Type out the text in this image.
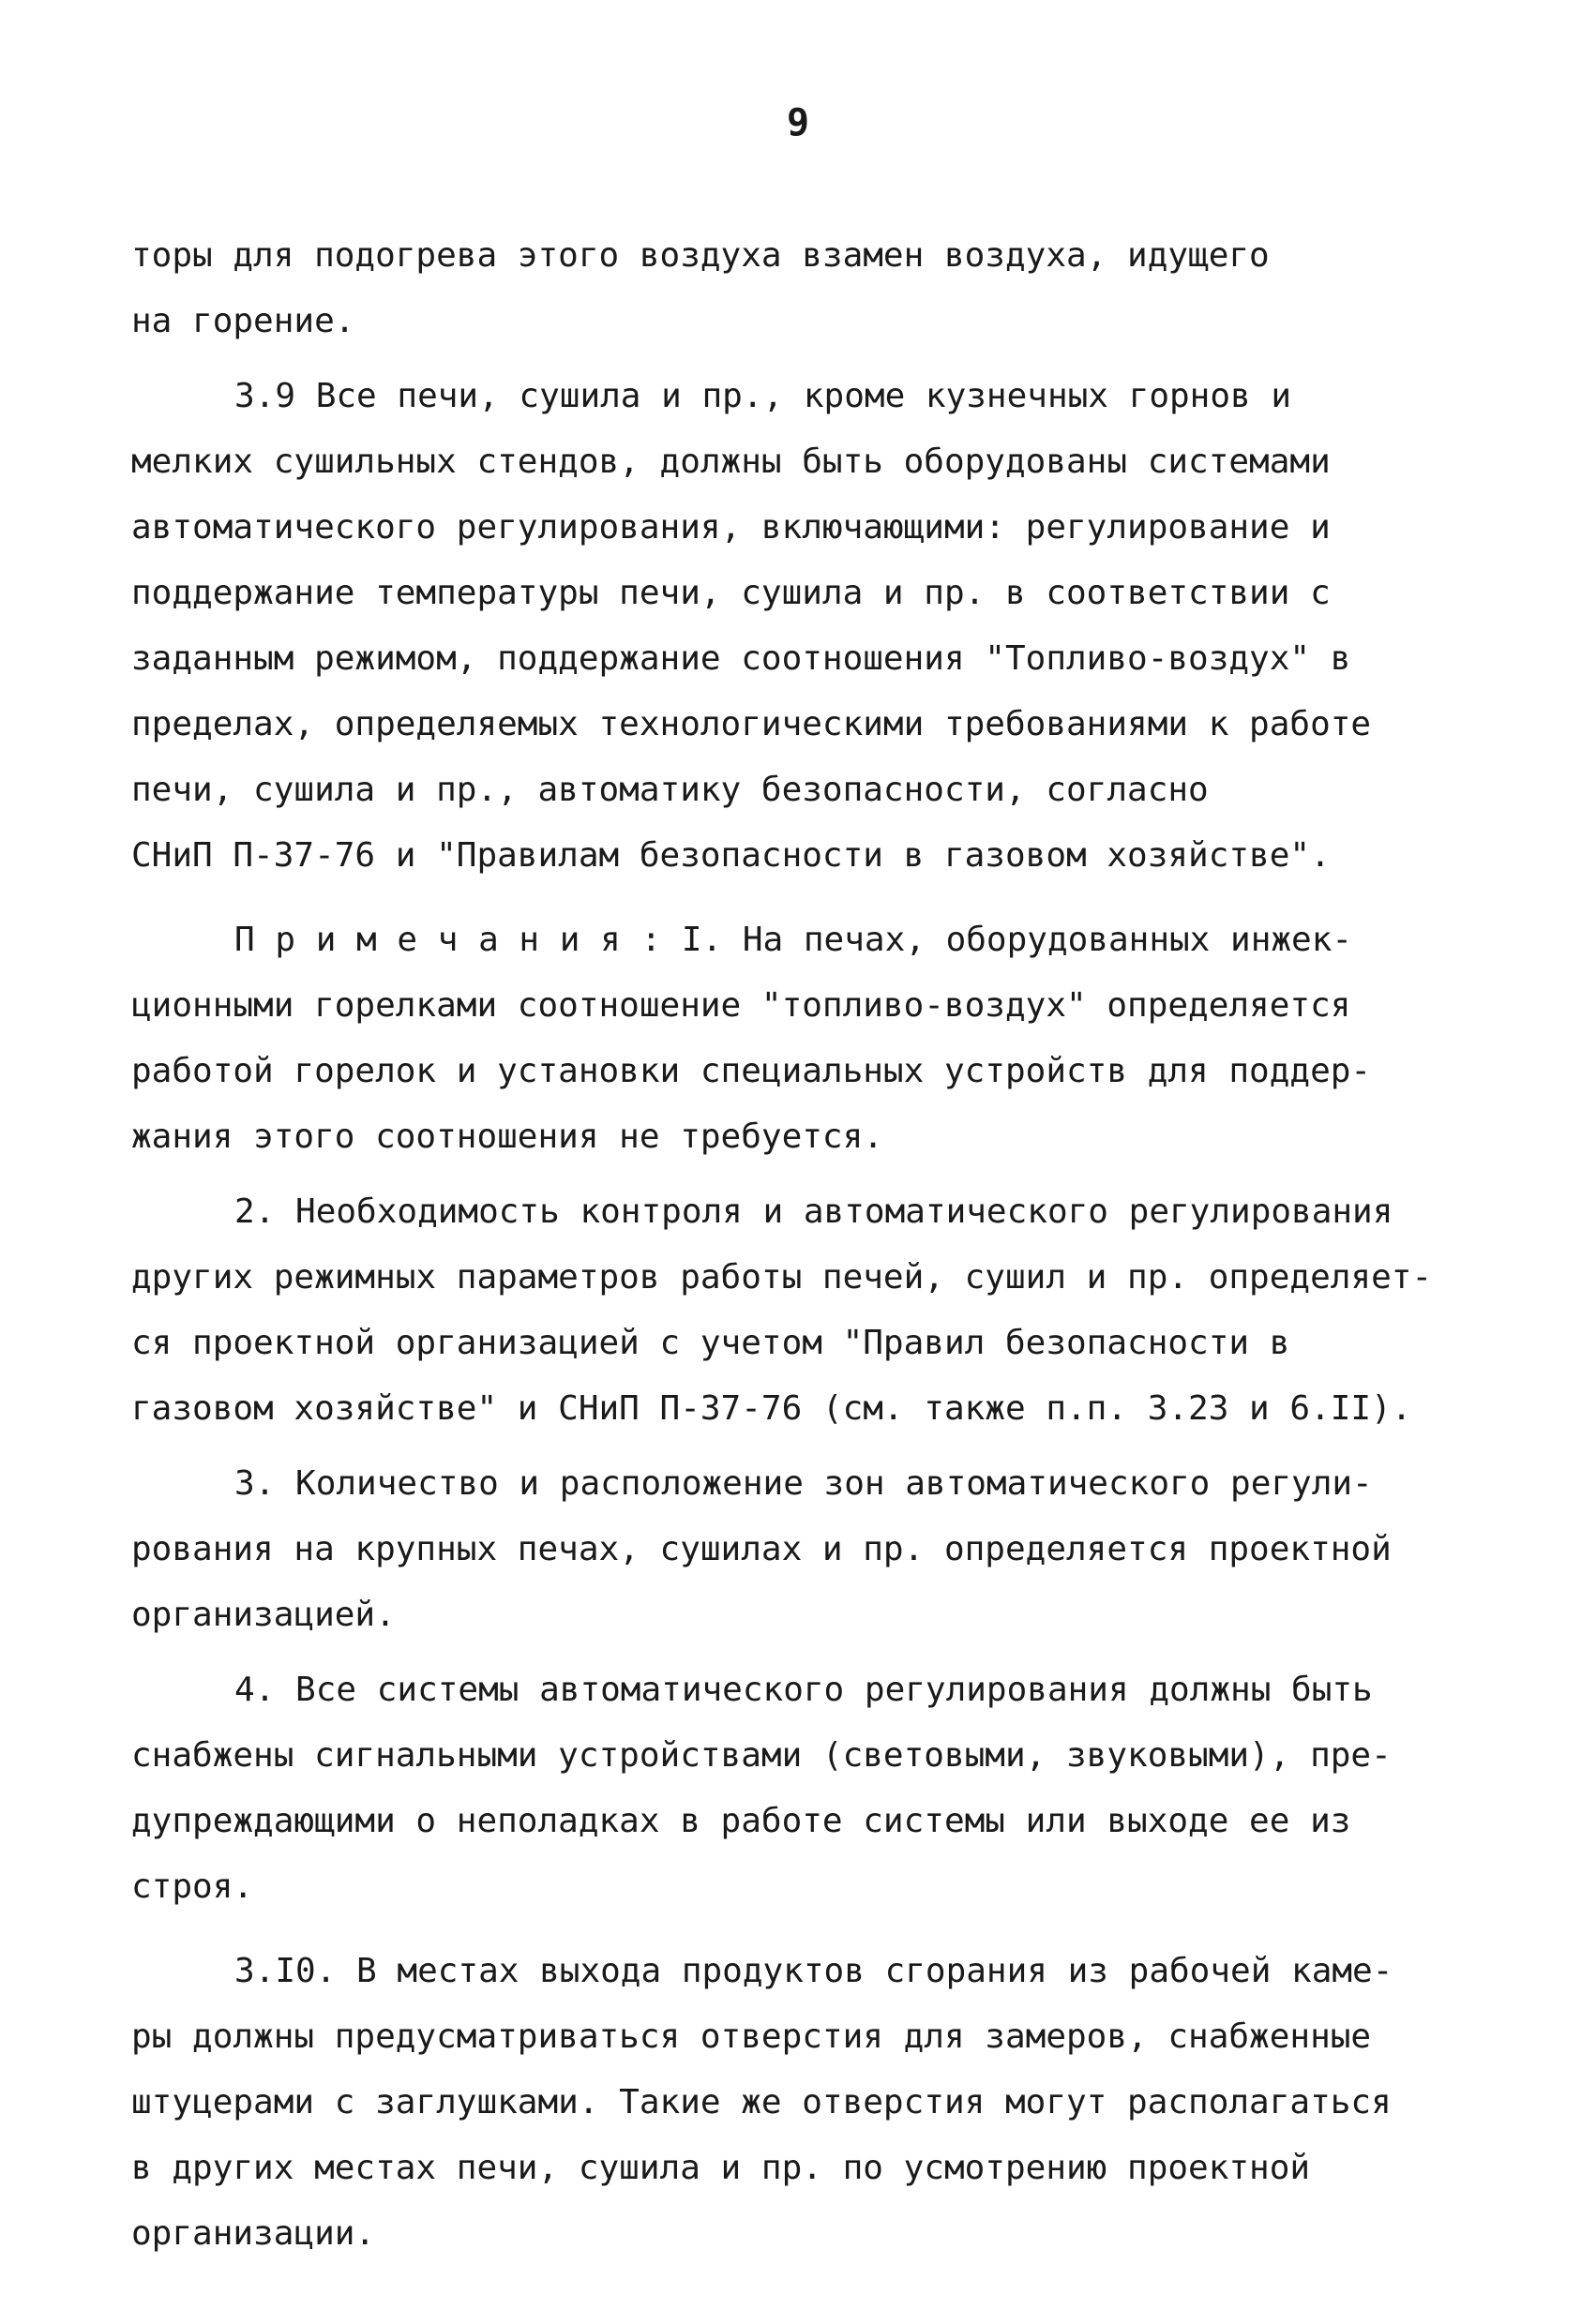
9
торы для подогрева этого воздуха взамен воздуха, идущего
на горение.
3.9 Все печи, сушила и пр., кроме кузнечных горнов и
мелких сушильных стендов, должны быть оборудованы системами
автоматического регулирования, включающими: регулирование и
поддержание температуры печи, сушила и пр. в соответствии с
заданным режимом, поддержание соотношения "Топливо-воздух" в
пределах, определяемых технологическими требованиями к работе
печи, сушила и пр., автоматику безопасности, согласно
СНиП П-37-76 и "Правилам безопасности в газовом хозяйстве".
П р и м е ч а н и я : I. На печах, оборудованных инжек-
ционными горелками соотношение "топливо-воздух" определяется
работой горелок и установки специальных устройств для поддер-
жания этого соотношения не требуется.
2. Необходимость контроля и автоматического регулирования
других режимных параметров работы печей, сушил и пр. определяет-
ся проектной организацией с учетом "Правил безопасности в
газовом хозяйстве" и СНиП П-37-76 (см. также п.п. 3.23 и 6.II).
3. Количество и расположение зон автоматического регули-
рования на крупных печах, сушилах и пр. определяется проектной
организацией.
4. Все системы автоматического регулирования должны быть
снабжены сигнальными устройствами (световыми, звуковыми), пре-
дупреждающими о неполадках в работе системы или выходе ее из
строя.
3.I0. В местах выхода продуктов сгорания из рабочей каме-
ры должны предусматриваться отверстия для замеров, снабженные
штуцерами с заглушками. Такие же отверстия могут располагаться
в других местах печи, сушила и пр. по усмотрению проектной
организации.
